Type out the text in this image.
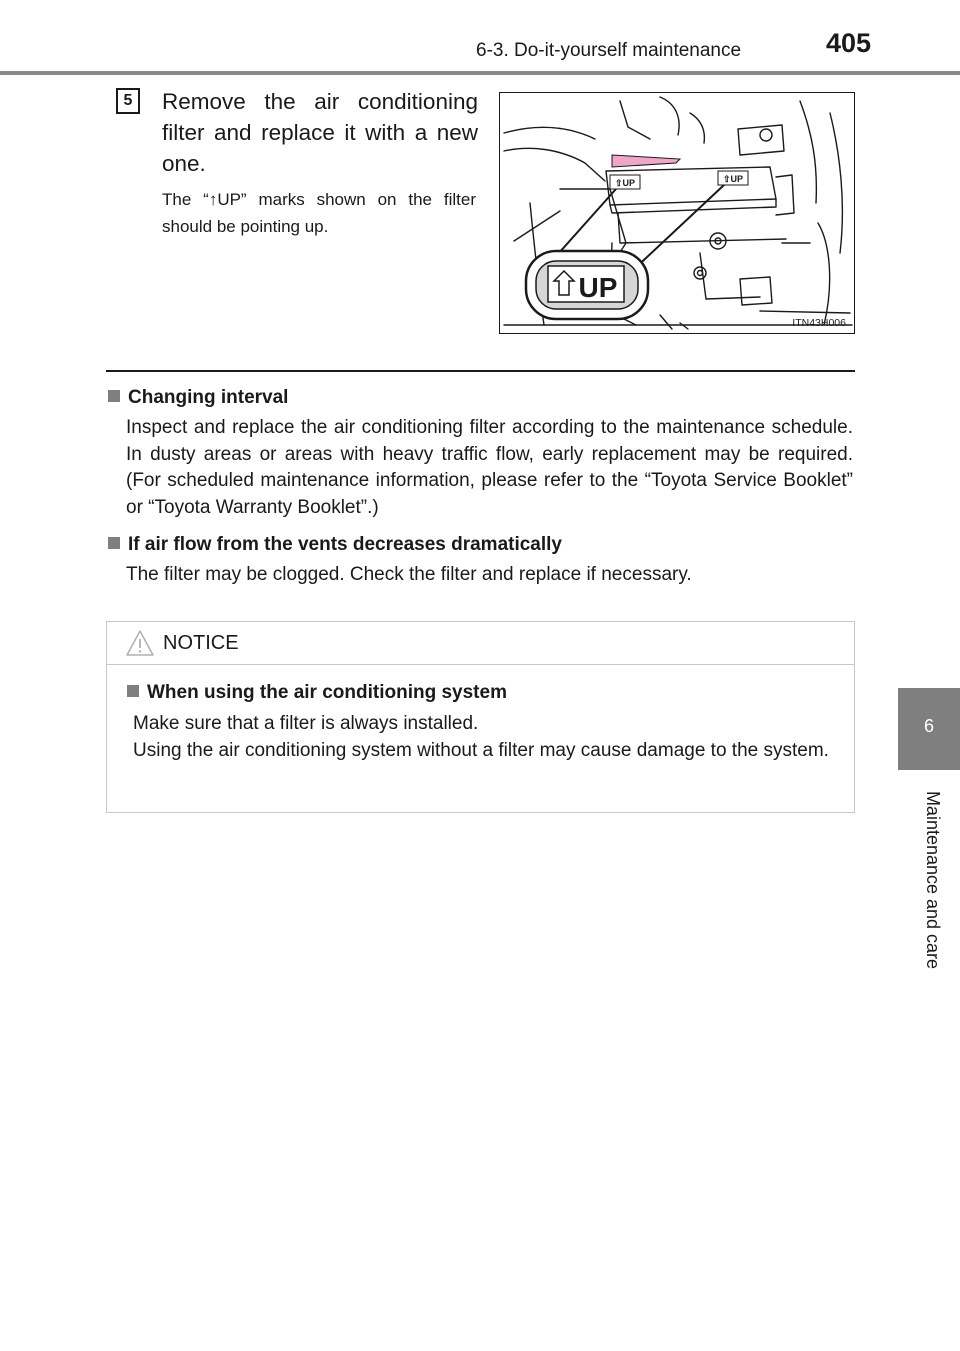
6-3. Do-it-yourself maintenance	405
6
Maintenance and care
5	Remove the air conditioning filter and replace it with a new one.
The “↑UP” marks shown on the filter should be pointing up.
⇧UP	⇧UP
UP
ITN43H006
Changing interval

Inspect and replace the air conditioning filter according to the maintenance schedule. In dusty areas or areas with heavy traffic flow, early replacement may be required. (For scheduled maintenance information, please refer to the “Toyota Service Booklet” or “Toyota Warranty Booklet”.)

If air flow from the vents decreases dramatically

The filter may be clogged. Check the filter and replace if necessary.

NOTICE
When using the air conditioning system

Make sure that a filter is always installed.
Using the air conditioning system without a filter may cause damage to the system.
